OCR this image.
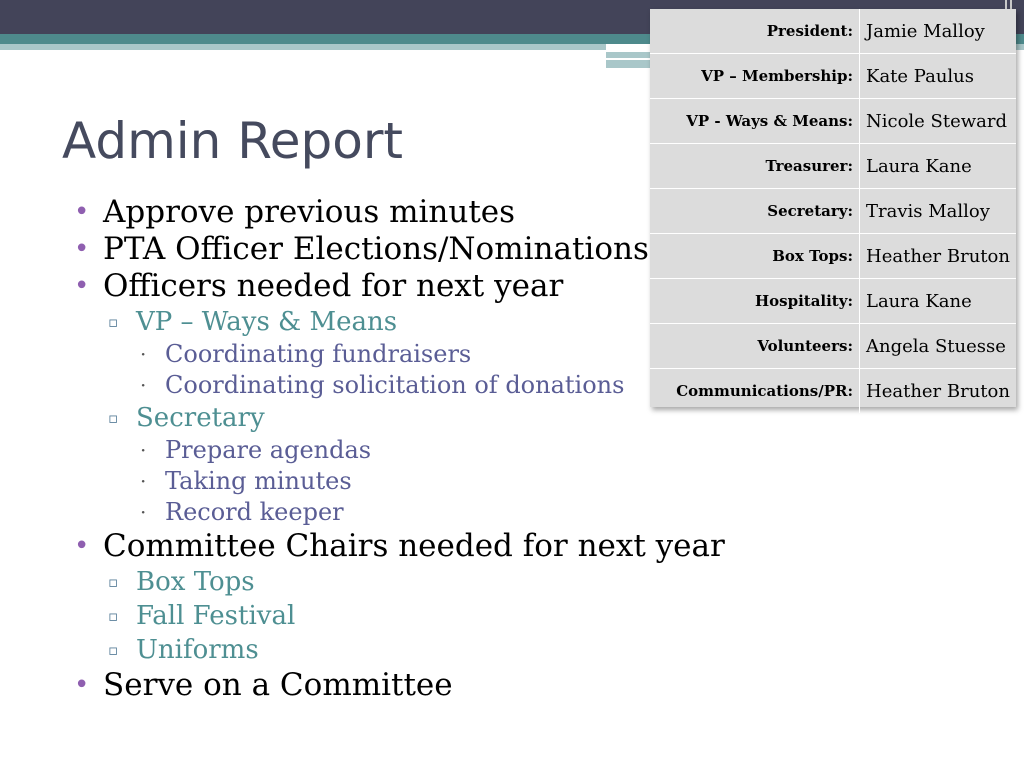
Admin Report
• Approve previous minutes
• PTA Officer Elections/Nominations
• Officers needed for next year
▫ VP – Ways & Means
· Coordinating fundraisers
· Coordinating solicitation of donations
▫ Secretary
· Prepare agendas
· Taking minutes
· Record keeper
• Committee Chairs needed for next year
▫ Box Tops
▫ Fall Festival
▫ Uniforms
• Serve on a Committee
President:	Jamie Malloy
VP – Membership:	Kate Paulus
VP - Ways & Means:	Nicole Steward
Treasurer:	Laura Kane
Secretary:	Travis Malloy
Box Tops:	Heather Bruton
Hospitality:	Laura Kane
Volunteers:	Angela Stuesse
Communications/PR:	Heather Bruton
